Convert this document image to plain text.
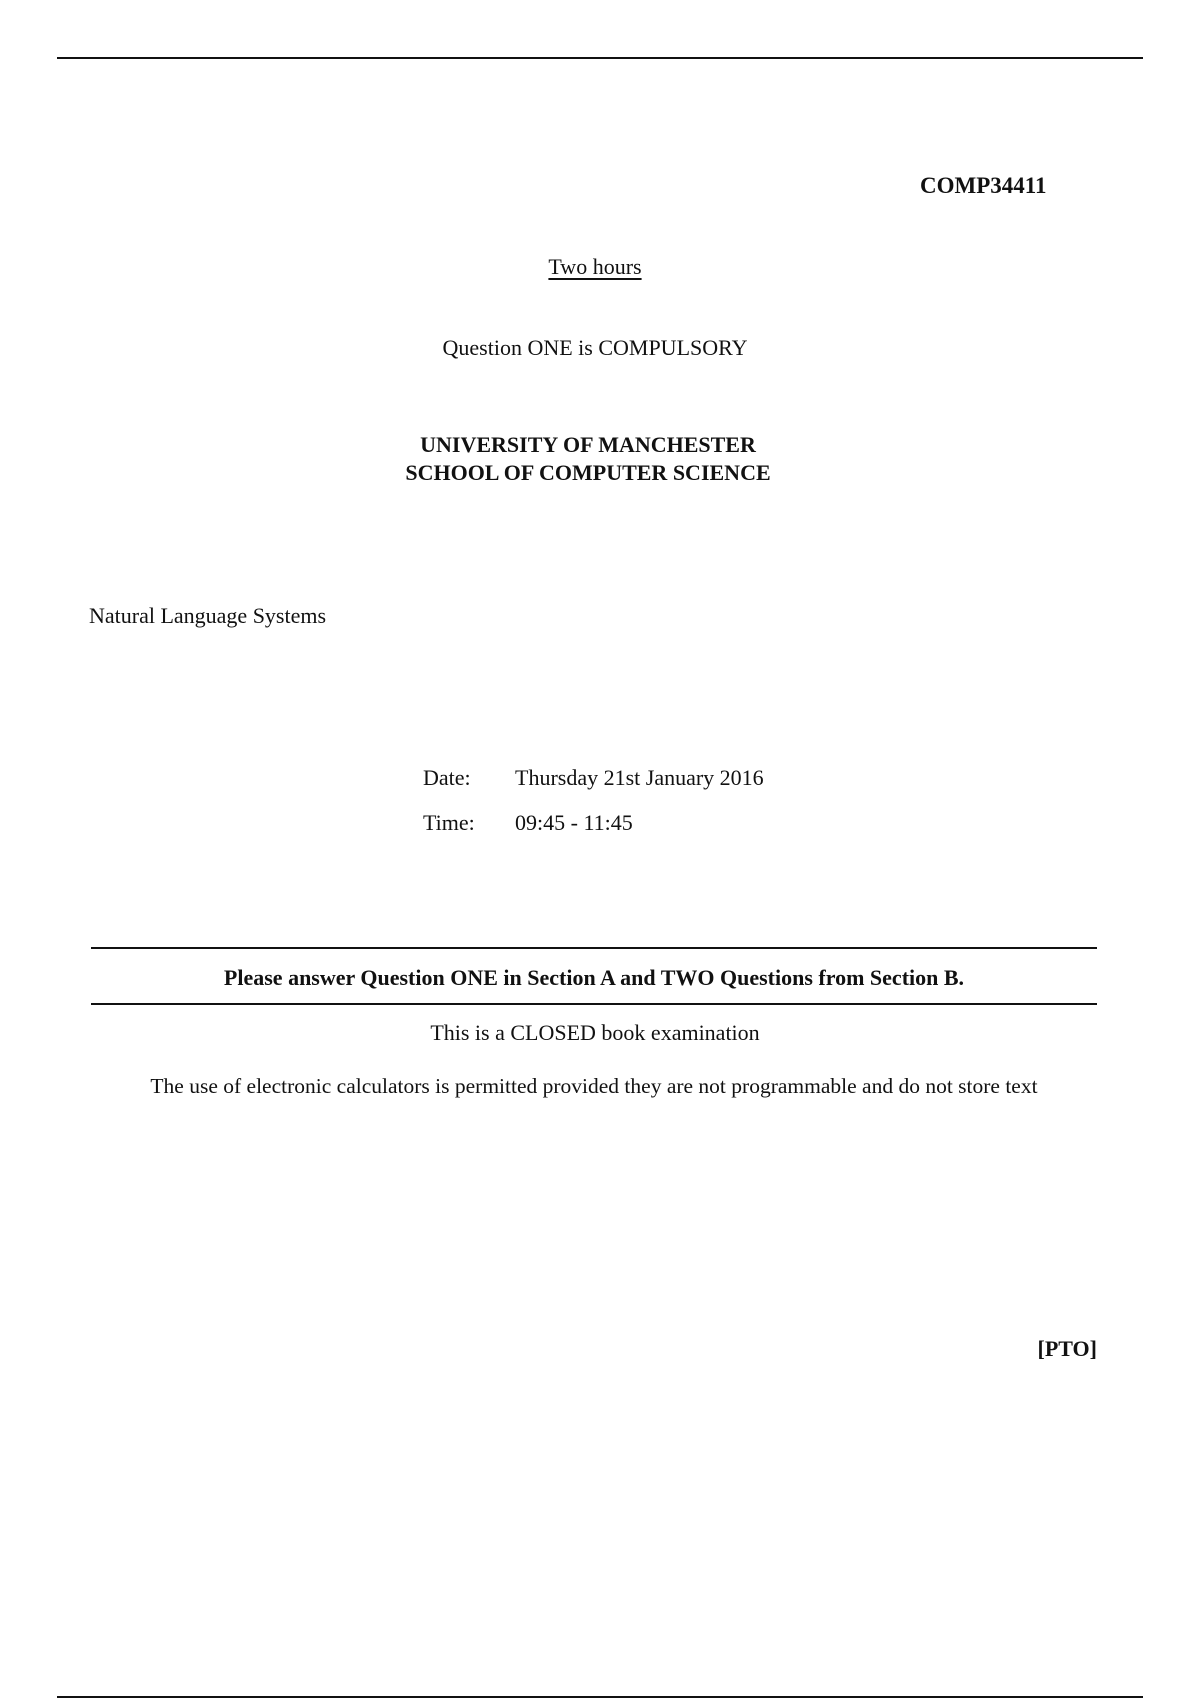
COMP34411
Two hours
Question ONE is COMPULSORY
UNIVERSITY OF MANCHESTER
SCHOOL OF COMPUTER SCIENCE
Natural Language Systems
Date: Thursday 21st January 2016
Time: 09:45 - 11:45
Please answer Question ONE in Section A and TWO Questions from Section B.
This is a CLOSED book examination
The use of electronic calculators is permitted provided they are not programmable and do not store text
[PTO]
